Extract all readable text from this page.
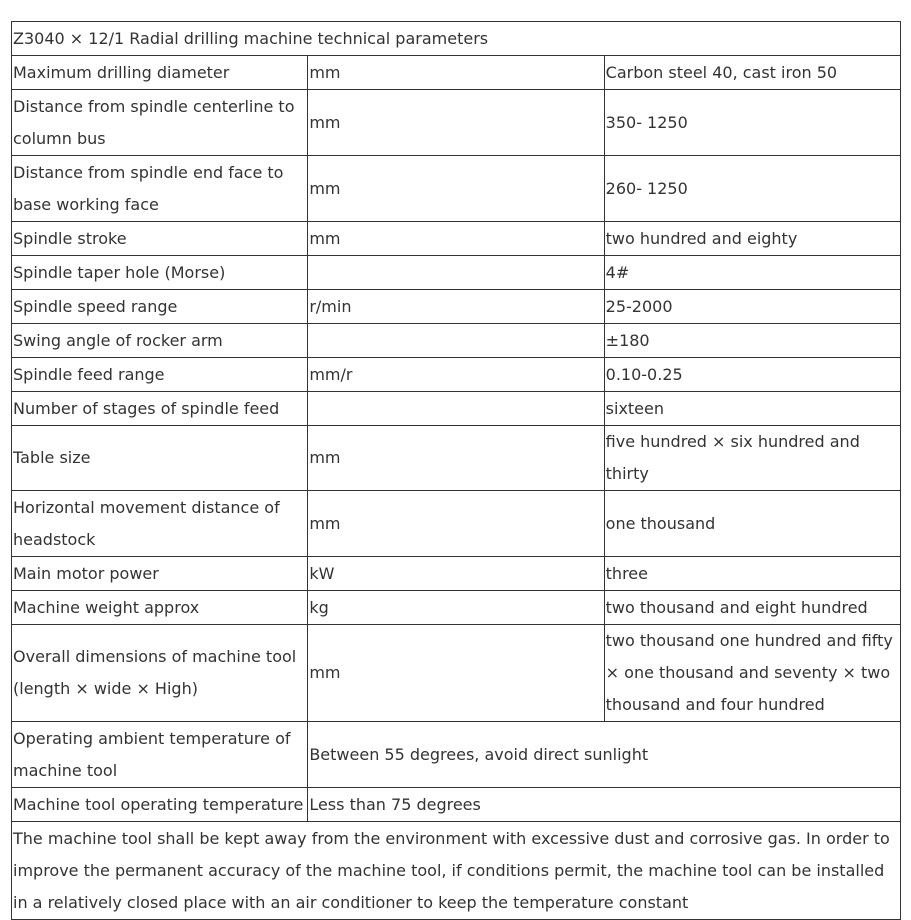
Z3040 × 12/1 Radial drilling machine technical parameters		
Maximum drilling diameter	mm	Carbon steel 40, cast iron 50
Distance from spindle centerline to column bus	mm	350- 1250
Distance from spindle end face to base working face	mm	260- 1250
Spindle stroke	mm	two hundred and eighty
Spindle taper hole (Morse)		4#
Spindle speed range	r/min	25-2000
Swing angle of rocker arm		±180
Spindle feed range	mm/r	0.10-0.25
Number of stages of spindle feed		sixteen
Table size	mm	five hundred × six hundred and thirty
Horizontal movement distance of headstock	mm	one thousand
Main motor power	kW	three
Machine weight approx	kg	two thousand and eight hundred
Overall dimensions of machine tool (length × wide × High)	mm	two thousand one hundred and fifty × one thousand and seventy × two thousand and four hundred
Operating ambient temperature of machine tool	Between 55 degrees, avoid direct sunlight	
Machine tool operating temperature	Less than 75 degrees	
The machine tool shall be kept away from the environment with excessive dust and corrosive gas. In order to improve the permanent accuracy of the machine tool, if conditions permit, the machine tool can be installed in a relatively closed place with an air conditioner to keep the temperature constant		
